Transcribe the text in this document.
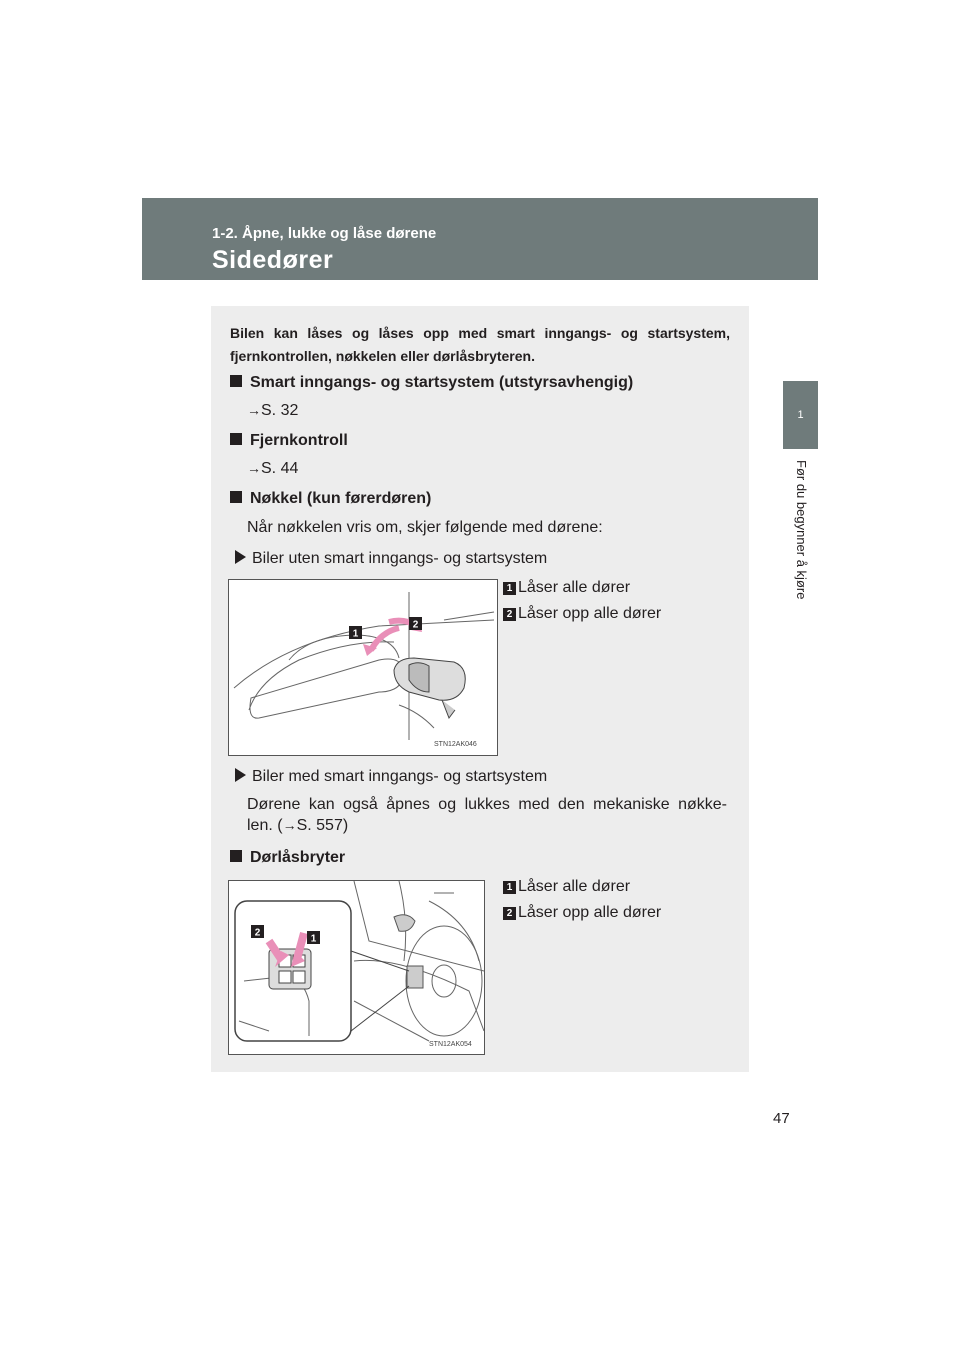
1-2. Åpne, lukke og låse dørene
Sidedører
1
Før du begynner å kjøre
47
Bilen kan låses og låses opp med smart inngangs- og startsystem, fjernkontrollen, nøkkelen eller dørlåsbryteren.
Smart inngangs- og startsystem (utstyrsavhengig)
→S. 32
Fjernkontroll
→S. 44
Nøkkel (kun førerdøren)
Når nøkkelen vris om, skjer følgende med dørene:
Biler uten smart inngangs- og startsystem
1 Låser alle dører
2 Låser opp alle dører
1
2
STN12AK046
Biler med smart inngangs- og startsystem
Dørene kan også åpnes og lukkes med den mekaniske nøkke-
len. (→S. 557)
Dørlåsbryter
1 Låser alle dører
2 Låser opp alle dører
2
1
STN12AK054
